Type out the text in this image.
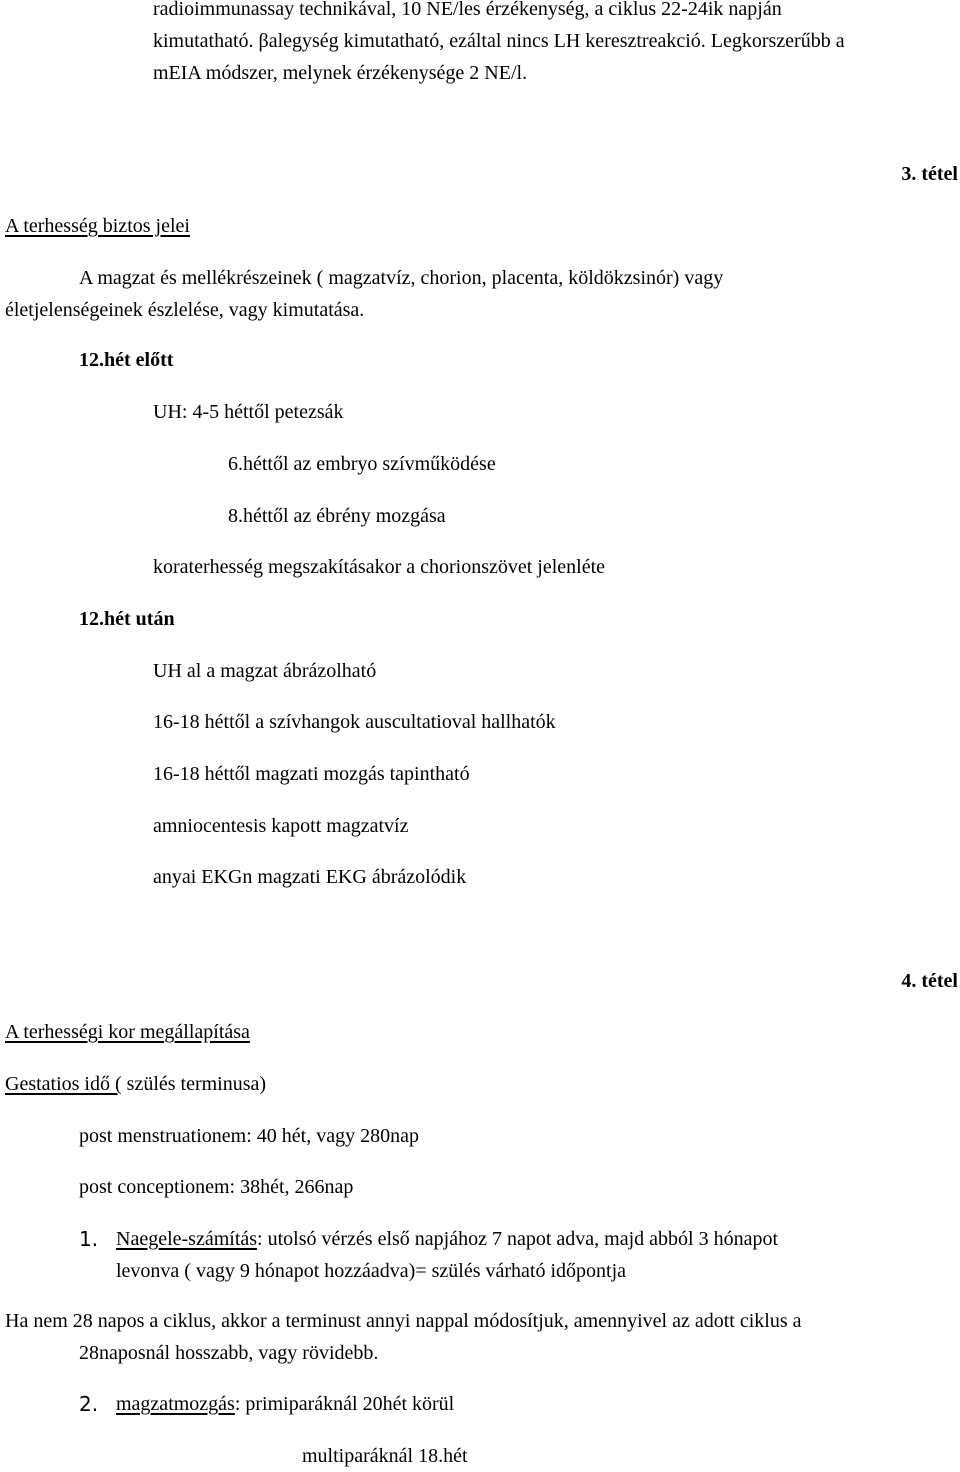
radioimmunassay technikával, 10 NE/les érzékenység, a ciklus 22-24ik napján
kimutatható. βalegység kimutatható, ezáltal nincs LH keresztreakció. Legkorszerűbb a
mEIA módszer, melynek érzékenysége 2 NE/l.
3. tétel
A terhesség biztos jelei
A magzat és mellékrészeinek ( magzatvíz, chorion, placenta, köldökzsinór) vagy
életjelenségeinek észlelése, vagy kimutatása.
12.hét előtt
UH: 4-5 héttől petezsák
6.héttől az embryo szívműködése
8.héttől az ébrény mozgása
koraterhesség megszakításakor a chorionszövet jelenléte
12.hét után
UH al a magzat ábrázolható
16-18 héttől a szívhangok auscultatioval hallhatók
16-18 héttől magzati mozgás tapintható
amniocentesis kapott magzatvíz
anyai EKGn magzati EKG ábrázolódik
4. tétel
A terhességi kor megállapítása
Gestatios idő ( szülés terminusa)
post menstruationem: 40 hét, vagy 280nap
post conceptionem: 38hét, 266nap
1. Naegele-számítás: utolsó vérzés első napjához 7 napot adva, majd abból 3 hónapot
levonva ( vagy 9 hónapot hozzáadva)= szülés várható időpontja
Ha nem 28 napos a ciklus, akkor a terminust annyi nappal módosítjuk, amennyivel az adott ciklus a
28naposnál hosszabb, vagy rövidebb.
2. magzatmozgás: primiparáknál 20hét körül
multiparáknál 18.hét
